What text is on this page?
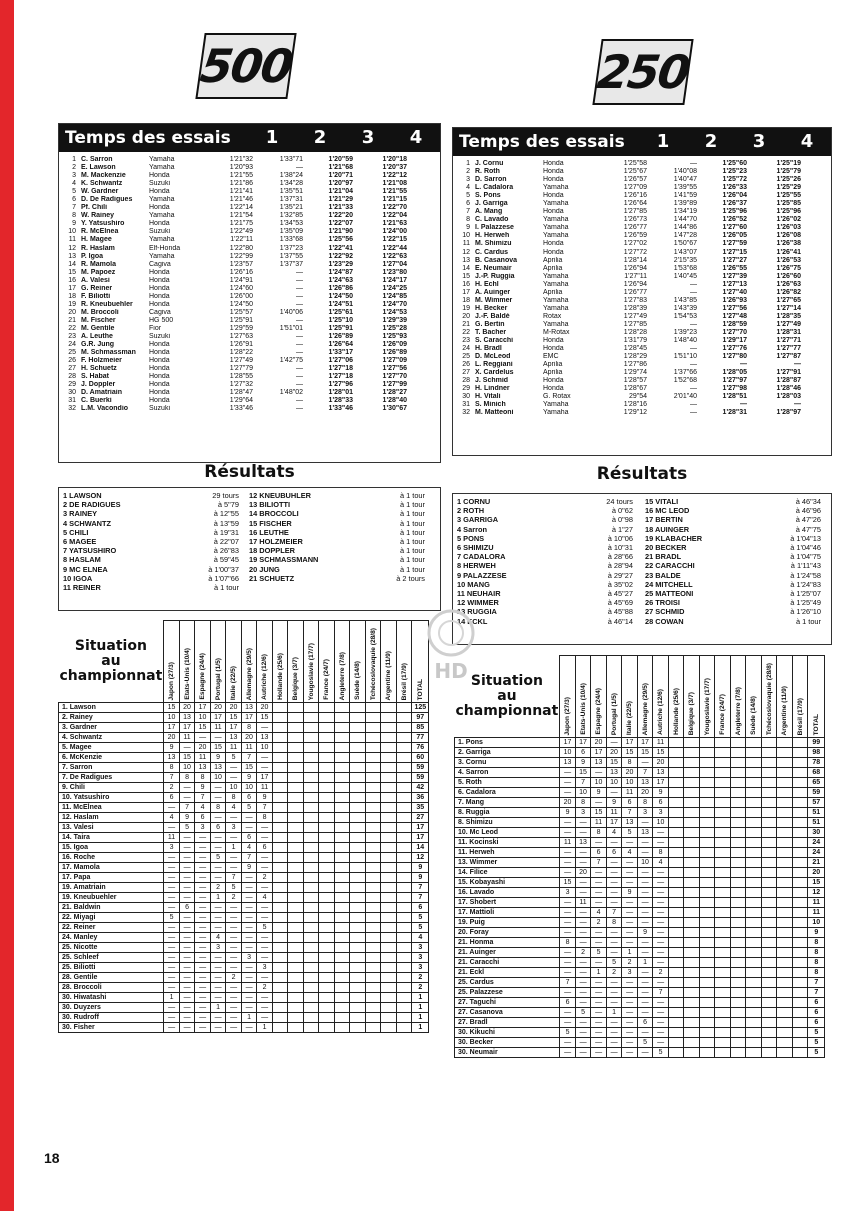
500
Temps des essais	1	2	3	4
1 C. Sarron	Yamaha	1'21"32	1'33"71	1'20"59	1'20"18
2 E. Lawson	Yamaha	1'20"93	—	1'21"68	1'20"37
3 M. Mackenzie	Honda	1'21"55	1'38"24	1'20"71	1'22"12
4 K. Schwantz	Suzuki	1'21"86	1'34"28	1'20"97	1'21"08
5 W. Gardner	Honda	1'21"41	1'35"51	1'21"04	1'21"55
6 D. De Radigues	Yamaha	1'21"46	1'37"31	1'21"29	1'21"15
7 Pf. Chili	Honda	1'22"14	1'35"21	1'21"33	1'22"70
8 W. Rainey	Yamaha	1'21"54	1'32"85	1'22"20	1'22"04
9 Y. Yatsushiro	Honda	1'21"75	1'34"53	1'22"07	1'21"63
10 R. McElnea	Suzuki	1'22"49	1'35"09	1'21"90	1'24"00
11 H. Magee	Yamaha	1'22"11	1'33"68	1'25"56	1'22"15
12 R. Haslam	Elf-Honda	1'22"80	1'37"23	1'22"41	1'22"44
13 P. Igoa	Yamaha	1'22"99	1'37"55	1'22"92	1'22"63
14 R. Mamola	Cagiva	1'23"57	1'37"37	1'23"29	1'27"04
15 M. Papoez	Honda	1'26"16	—	1'24"87	1'23"80
16 A. Valesi	Honda	1'24"91	—	1'24"63	1'24"17
17 G. Reiner	Honda	1'24"60	—	1'26"86	1'24"25
18 F. Biliotti	Honda	1'26"00	—	1'24"50	1'24"85
19 R. Kneubuehler	Honda	1'24"50	—	1'24"51	1'24"70
20 M. Broccoli	Cagiva	1'25"57	1'40"06	1'25"61	1'24"53
21 M. Fischer	HG 500	1'25"91	—	1'25"10	1'29"39
22 M. Gentile	Fior	1'29"59	1'51"01	1'25"91	1'25"28
23 A. Leuthe	Suzuki	1'27"63	—	1'26"89	1'25"93
24 G.R. Jung	Honda	1'26"91	—	1'26"64	1'26"09
25 M. Schmassman	Honda	1'28"22	—	1'33"17	1'26"89
26 F. Holzmeier	Honda	1'27"49	1'42"75	1'27"06	1'27"09
27 H. Schuetz	Honda	1'27"79	—	1'27"18	1'27"56
28 S. Habat	Honda	1'28"55	—	1'27"18	1'27"70
29 J. Doppler	Honda	1'27"32	—	1'27"96	1'27"99
30 D. Amatriain	Honda	1'28"47	1'48"02	1'28"01	1'28"27
31 C. Buerki	Honda	1'29"64	—	1'28"33	1'28"40
32 L.M. Vacondio	Suzuki	1'33"46	—	1'33"46	1'30"67
Résultats
1 LAWSON	29 tours
2 DE RADIGUES	à 5"79
3 RAINEY	à 12"55
4 SCHWANTZ	à 13"59
5 CHILI	à 19"31
6 MAGEE	à 22"07
7 YATSUSHIRO	à 26"83
8 HASLAM	à 59"45
9 MC ELNEA	à 1'00"37
10 IGOA	à 1'07"66
11 REINER	à 1 tour
12 KNEUBUHLER	à 1 tour
13 BILIOTTI	à 1 tour
14 BROCCOLI	à 1 tour
15 FISCHER	à 1 tour
16 LEUTHE	à 1 tour
17 HOLZMEIER	à 1 tour
18 DOPPLER	à 1 tour
19 SCHMASSMANN	à 1 tour
20 JUNG	à 1 tour
21 SCHUETZ	à 2 tours
Situation
au
championnat	Japon (27/3)	Etats-Unis (10/4)	Espagne (24/4)	Portugal (1/5)	Italie (22/5)	Allemagne (29/5)	Autriche (12/6)	Hollande (25/6)	Belgique (3/7)	Yougoslavie (17/7)	France (24/7)	Angleterre (7/8)	Suède (14/8)	Tchécoslovaquie (28/8)	Argentine (11/9)	Brésil (17/9)	TOTAL

1. Lawson	15	20	17	20	20	13	20										125
2. Rainey	10	13	10	17	15	17	15										97
3. Gardner	17	17	15	11	17	8	—										85
4. Schwantz	20	11	—	—	13	20	13										77
5. Magee	9	—	20	15	11	11	10										76
6. McKenzie	13	15	11	9	5	7	—										60
7. Sarron	8	10	13	13	—	15	—										59
7. De Radigues	7	8	8	10	—	9	17										59
9. Chili	2	—	9	—	10	10	11										42
10. Yatsushiro	6	—	7	—	8	6	9										36
11. McElnea	—	7	4	8	4	5	7										35
12. Haslam	4	9	6	—	—	—	8										27
13. Valesi	—	5	3	6	3	—	—										17
14. Taira	11	—	—	—	—	6	—										17
15. Igoa	3	—	—	—	1	4	6										14
16. Roche	—	—	—	5	—	7	—										12
17. Mamola	—	—	—	—	—	9	—										9
17. Papa	—	—	—	—	7	—	2										9
19. Amatriain	—	—	—	2	5	—	—										7
19. Kneubuehler	—	—	—	1	2	—	4										7
21. Baldwin	—	6	—	—	—	—	—										6
22. Miyagi	5	—	—	—	—	—	—										5
22. Reiner	—	—	—	—	—	—	5										5
24. Manley	—	—	—	4	—	—	—										4
25. Nicotte	—	—	—	3	—	—	—										3
25. Schleef	—	—	—	—	—	3	—										3
25. Biliotti	—	—	—	—	—	—	3										3
28. Gentile	—	—	—	—	2	—	—										2
28. Broccoli	—	—	—	—	—	—	2										2
30. Hiwatashi	1	—	—	—	—	—	—										1
30. Duyzers	—	—	—	1	—	—	—										1
30. Rudroff	—	—	—	—	—	1	—										1
30. Fisher	—	—	—	—	—	—	1										1
250
Temps des essais	1	2	3	4
1 J. Cornu	Honda	1'25"58	—	1'25"60	1'25"19
2 R. Roth	Honda	1'25"67	1'40"08	1'25"23	1'25"79
3 D. Sarron	Honda	1'26"57	1'40"47	1'25"72	1'25"26
4 L. Cadalora	Yamaha	1'27"09	1'39"55	1'26"33	1'25"29
5 S. Pons	Honda	1'26"16	1'41"59	1'26"04	1'25"55
6 J. Garriga	Yamaha	1'26"64	1'39"89	1'26"37	1'25"85
7 A. Mang	Honda	1'27"85	1'34"19	1'25"96	1'25"96
8 C. Lavado	Yamaha	1'26"73	1'44"70	1'26"52	1'26"02
9 I. Palazzese	Yamaha	1'26"77	1'44"86	1'27"60	1'26"03
10 H. Herweh	Yamaha	1'26"59	1'47"28	1'26"05	1'26"08
11 M. Shimizu	Honda	1'27"02	1'50"67	1'27"59	1'26"38
12 C. Cardus	Honda	1'27"72	1'43"07	1'27"15	1'26"41
13 B. Casanova	Aprilia	1'28"14	2'15"35	1'27"27	1'26"53
14 E. Neumair	Aprilia	1'26"94	1'53"68	1'26"55	1'26"75
15 J.-P. Ruggia	Yamaha	1'27"11	1'40"45	1'27"39	1'26"60
16 H. Echl	Yamaha	1'26"94	—	1'27"13	1'26"63
17 A. Auinger	Aprilia	1'26"77	—	1'27"40	1'26"82
18 M. Wimmer	Yamaha	1'27"83	1'43"85	1'26"93	1'27"65
19 H. Becker	Yamaha	1'28"39	1'43"39	1'27"56	1'27"14
20 J.-F. Baldé	Rotax	1'27"49	1'54"53	1'27"48	1'28"35
21 G. Bertin	Yamaha	1'27"85	—	1'28"59	1'27"49
22 T. Bacher	M-Rotax	1'28"28	1'39"23	1'27"70	1'28"31
23 S. Caracchi	Honda	1'31"79	1'48"40	1'29"17	1'27"71
24 H. Bradl	Honda	1'28"45	—	1'27"76	1'27"77
25 D. McLeod	EMC	1'28"29	1'51"10	1'27"80	1'27"87
26 L. Reggiani	Aprilia	1'27"86	—	—	—
27 X. Cardelus	Aprilia	1'29"74	1'37"66	1'28"05	1'27"91
28 J. Schmid	Honda	1'28"57	1'52"68	1'27"97	1'28"87
29 H. Lindner	Honda	1'28"67	—	1'27"98	1'28"46
30 H. Vitali	G. Rotax	29"54	2'01"40	1'28"51	1'28"03
31 S. Minich	Yamaha	1'28"16	—	—	—
32 M. Matteoni	Yamaha	1'29"12	—	1'28"31	1'28"97
Résultats
1 CORNU	24 tours
2 ROTH	à 0"62
3 GARRIGA	à 0"98
4 Sarron	à 1"27
5 PONS	à 10"06
6 SHIMIZU	à 10"31
7 CADALORA	à 28"66
8 HERWEH	à 28"94
9 PALAZZESE	à 29"27
10 MANG	à 35"02
11 NEUHAIR	à 45"27
12 WIMMER	à 45"69
13 RUGGIA	à 45"88
14 ECKL	à 46"14
15 VITALI	à 46"34
16 MC LEOD	à 46"96
17 BERTIN	à 47"26
18 AUINGER	à 47"75
19 KLABACHER	à 1'04"13
20 BECKER	à 1'04"46
21 BRADL	à 1'04"75
22 CARACCHI	à 1'11"43
23 BALDE	à 1'24"58
24 MITCHELL	à 1'24"83
25 MATTEONI	à 1'25"07
26 TROISI	à 1'25"49
27 SCHMID	à 1'26"10
28 COWAN	à 1 tour
Situation
au
championnat	Japon (27/3)	Etats-Unis (10/4)	Espagne (24/4)	Portugal (1/5)	Italie (22/5)	Allemagne (29/5)	Autriche (12/6)	Hollande (25/6)	Belgique (3/7)	Yougoslavie (17/7)	France (24/7)	Angleterre (7/8)	Suède (14/8)	Tchécoslovaquie (28/8)	Argentine (11/9)	Brésil (17/9)	TOTAL

1. Pons	17	17	20	—	17	17	11										99
2. Garriga	10	6	17	20	15	15	15										98
3. Cornu	13	9	13	15	8	—	20										78
4. Sarron	—	15	—	13	20	7	13										68
5. Roth	—	7	10	10	10	13	17										65
6. Cadalora	—	10	9	—	11	20	9										59
7. Mang	20	8	—	9	6	8	6										57
8. Ruggia	9	3	15	11	7	3	3										51
8. Shimizu	—	—	11	17	13	—	10										51
10. Mc Leod	—	—	8	4	5	13	—										30
11. Kocinski	11	13	—	—	—	—	—										24
11. Herweh	—	—	6	6	4	—	8										24
13. Wimmer	—	—	7	—	—	10	4										21
14. Filice	—	20	—	—	—	—	—										20
15. Kobayashi	15	—	—	—	—	—	—										15
16. Lavado	3	—	—	—	9	—	—										12
17. Shobert	—	11	—	—	—	—	—										11
17. Mattioli	—	—	4	7	—	—	—										11
19. Puig	—	—	2	8	—	—	—										10
20. Foray	—	—	—	—	—	9	—										9
21. Honma	8	—	—	—	—	—	—										8
21. Auinger	—	2	5	—	1	—	—										8
21. Caracchi	—	—	—	5	2	1	—										8
21. Eckl	—	—	1	2	3	—	2										8
25. Cardus	7	—	—	—	—	—	—										7
25. Palazzese	—	—	—	—	—	—	7										7
27. Taguchi	6	—	—	—	—	—	—										6
27. Casanova	—	5	—	1	—	—	—										6
27. Bradl	—	—	—	—	—	6	—										6
30. Kikuchi	5	—	—	—	—	—	—										5
30. Becker	—	—	—	—	—	5	—										5
30. Neumair	—	—	—	—	—	—	5										5
18
HD
